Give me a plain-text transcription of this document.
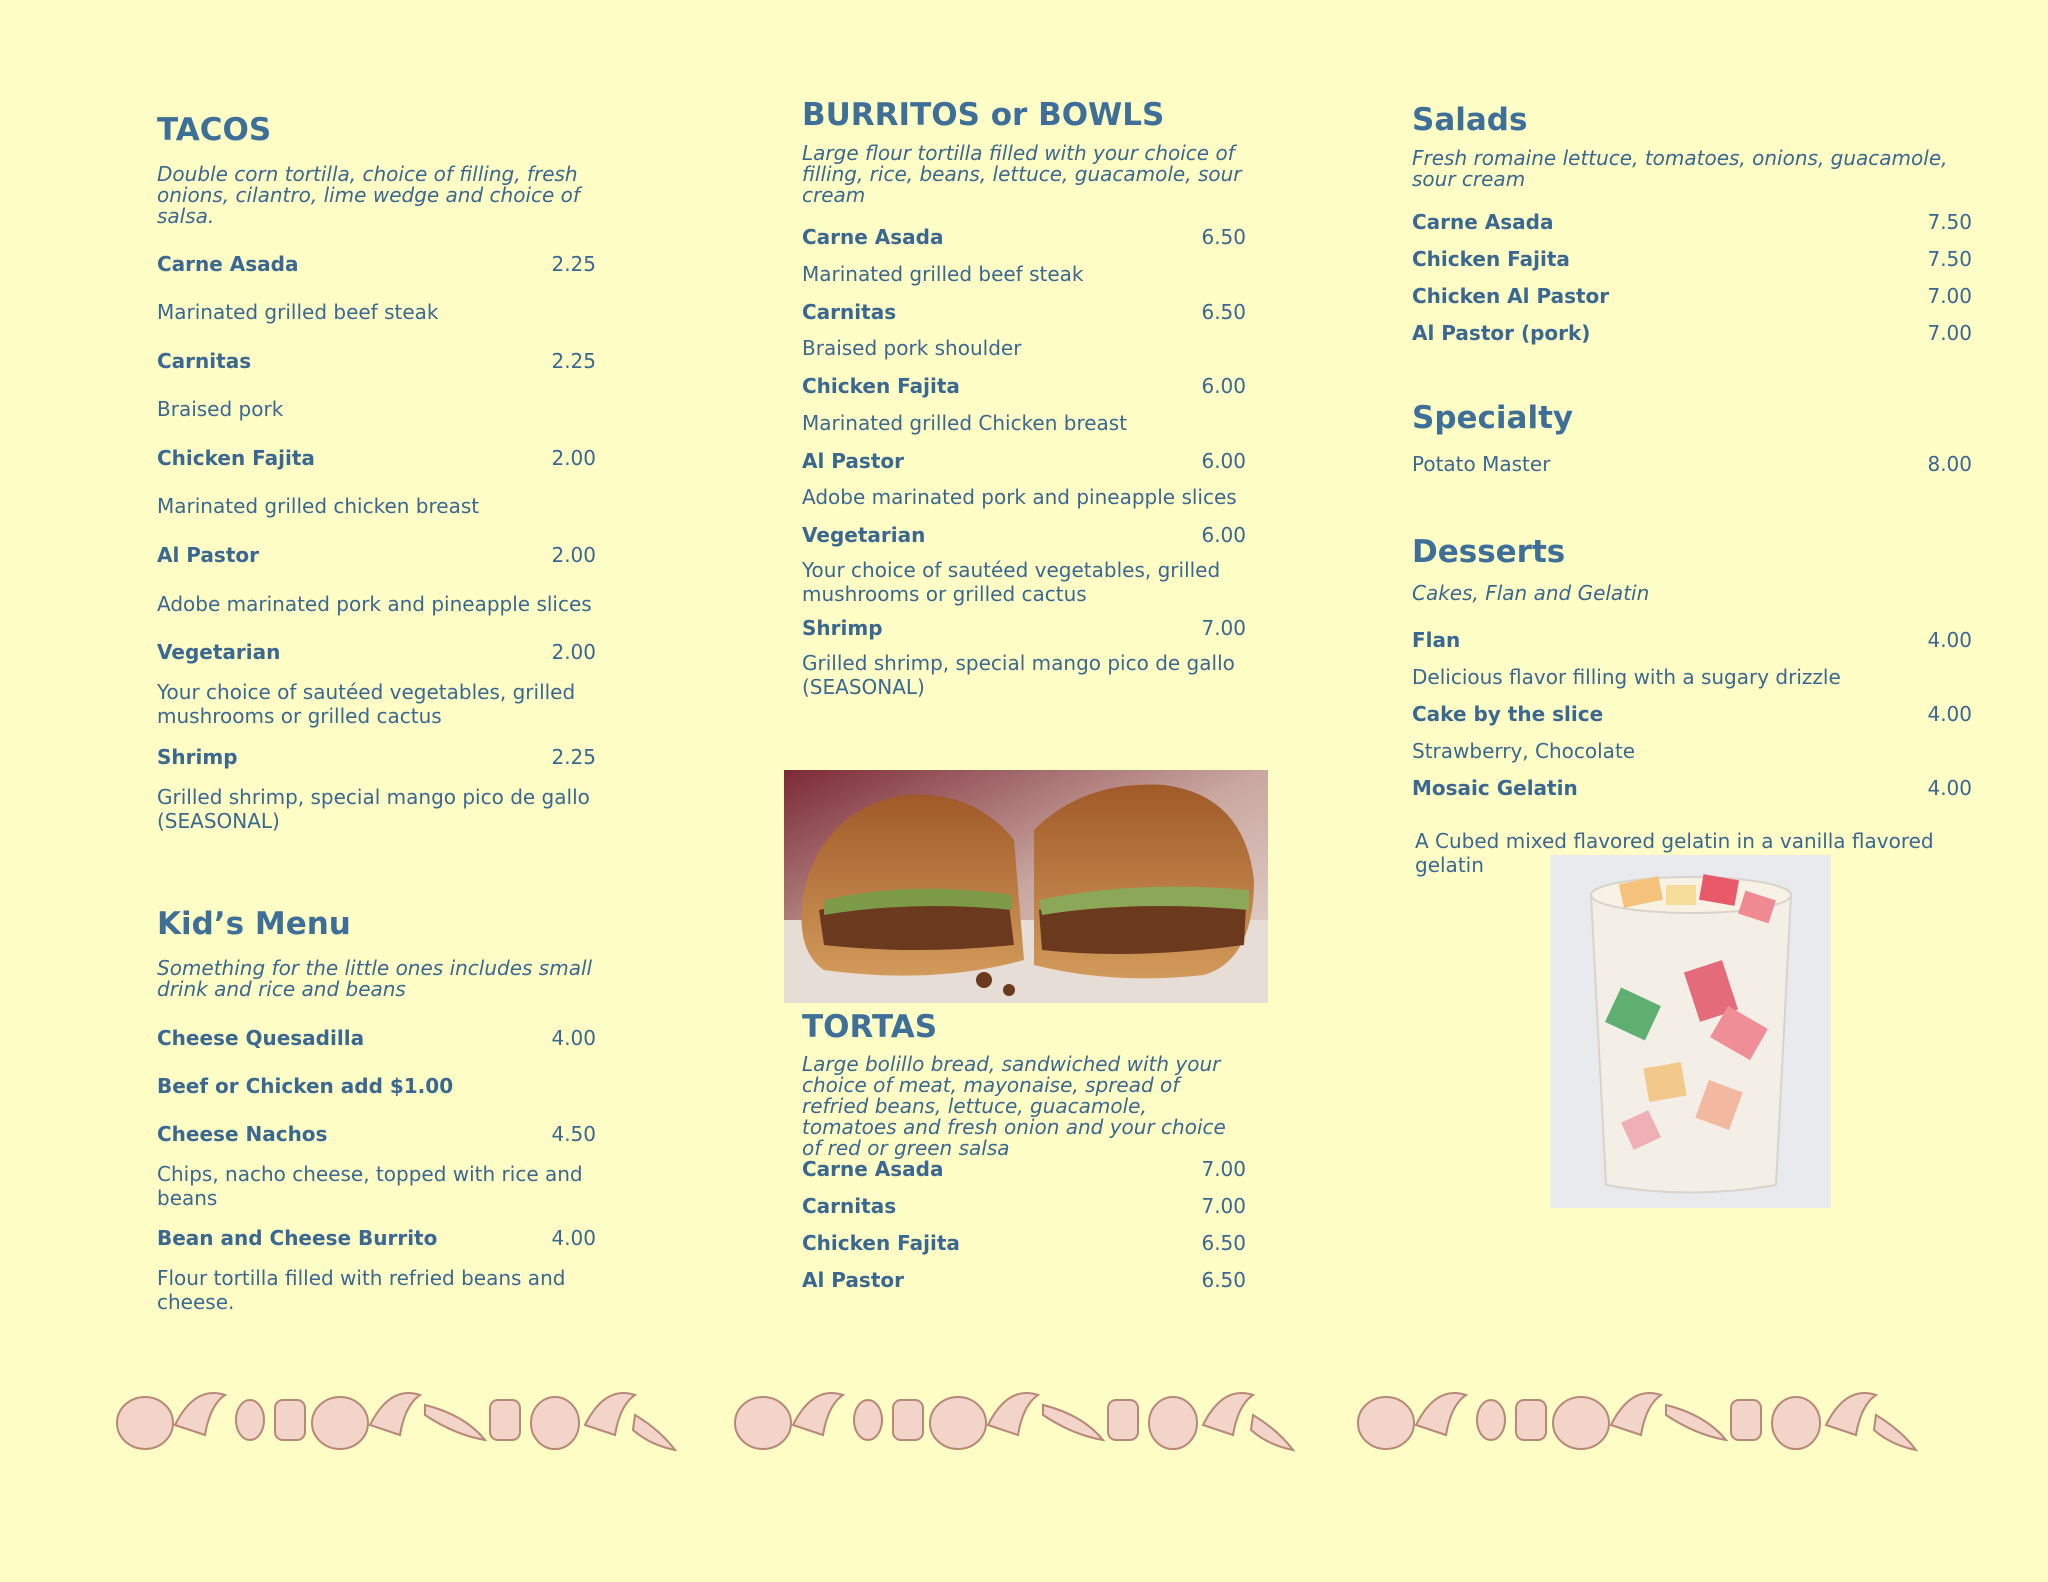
TACOS
Double corn tortilla, choice of filling, fresh onions, cilantro, lime wedge and choice of salsa.
Carne Asada	2.25
Marinated grilled beef steak
Carnitas	2.25
Braised pork
Chicken Fajita	2.00
Marinated grilled chicken breast
Al Pastor	2.00
Adobe marinated pork and pineapple slices
Vegetarian	2.00
Your choice of sautéed vegetables, grilled mushrooms or grilled cactus
Shrimp	2.25
Grilled shrimp, special mango pico de gallo (SEASONAL)
Kid’s Menu
Something for the little ones includes small drink and rice and beans
Cheese Quesadilla	4.00
Beef or Chicken add $1.00
Cheese Nachos	4.50
Chips, nacho cheese, topped with rice and beans
Bean and Cheese Burrito	4.00
Flour tortilla filled with refried beans and cheese.
BURRITOS or BOWLS
Large flour tortilla filled with your choice of filling, rice, beans, lettuce, guacamole, sour cream
Carne Asada	6.50
Marinated grilled beef steak
Carnitas	6.50
Braised pork shoulder
Chicken Fajita	6.00
Marinated grilled Chicken breast
Al Pastor	6.00
Adobe marinated pork and pineapple slices
Vegetarian	6.00
Your choice of sautéed vegetables, grilled mushrooms or grilled cactus
Shrimp	7.00
Grilled shrimp, special mango pico de gallo (SEASONAL)
TORTAS
Large bolillo bread, sandwiched with your choice of meat, mayonaise, spread of refried beans, lettuce, guacamole, tomatoes and fresh onion and your choice of red or green salsa
Carne Asada	7.00
Carnitas	7.00
Chicken Fajita	6.50
Al Pastor	6.50
Salads
Fresh romaine lettuce, tomatoes, onions, guacamole, sour cream
Carne Asada	7.50
Chicken Fajita	7.50
Chicken Al Pastor	7.00
Al Pastor (pork)	7.00
Specialty
Potato Master	8.00
Desserts
Cakes, Flan and Gelatin
Flan	4.00
Delicious flavor filling with a sugary drizzle
Cake by the slice	4.00
Strawberry, Chocolate
Mosaic Gelatin	4.00
A Cubed mixed flavored gelatin in a vanilla flavored gelatin
